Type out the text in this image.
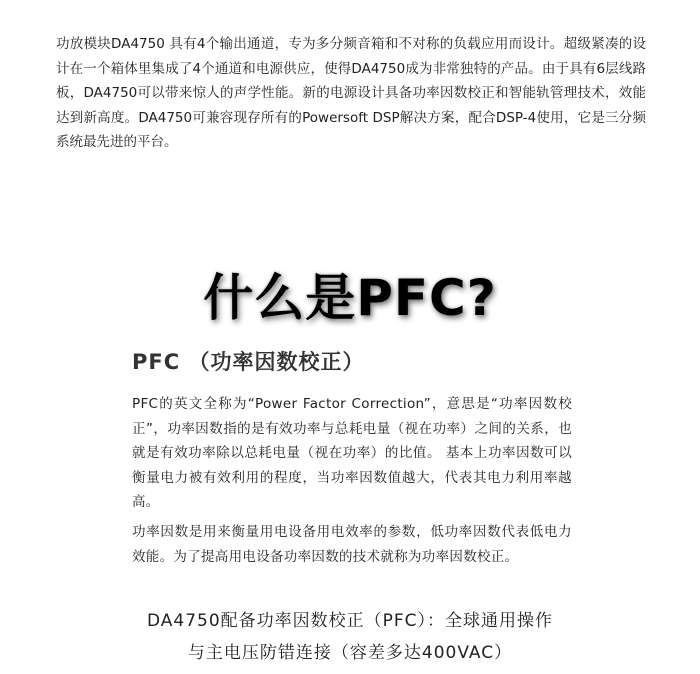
功放模块DA4750 具有4个输出通道，专为多分频音箱和不对称的负载应用而设计。超级紧凑的设计在一个箱体里集成了4个通道和电源供应，使得DA4750成为非常独特的产品。由于具有6层线路板，DA4750可以带来惊人的声学性能。新的电源设计具备功率因数校正和智能轨管理技术，效能达到新高度。DA4750可兼容现存所有的Powersoft DSP解决方案，配合DSP-4使用，它是三分频系统最先进的平台。

什么是PFC?
PFC （功率因数校正）

PFC的英文全称为“Power Factor Correction”，意思是“功率因数校正”，功率因数指的是有效功率与总耗电量（视在功率）之间的关系，也就是有效功率除以总耗电量（视在功率）的比值。 基本上功率因数可以衡量电力被有效利用的程度，当功率因数值越大，代表其电力利用率越高。

功率因数是用来衡量用电设备用电效率的参数，低功率因数代表低电力效能。为了提高用电设备功率因数的技术就称为功率因数校正。

DA4750配备功率因数校正（PFC）：全球通用操作

与主电压防错连接（容差多达400VAC）
